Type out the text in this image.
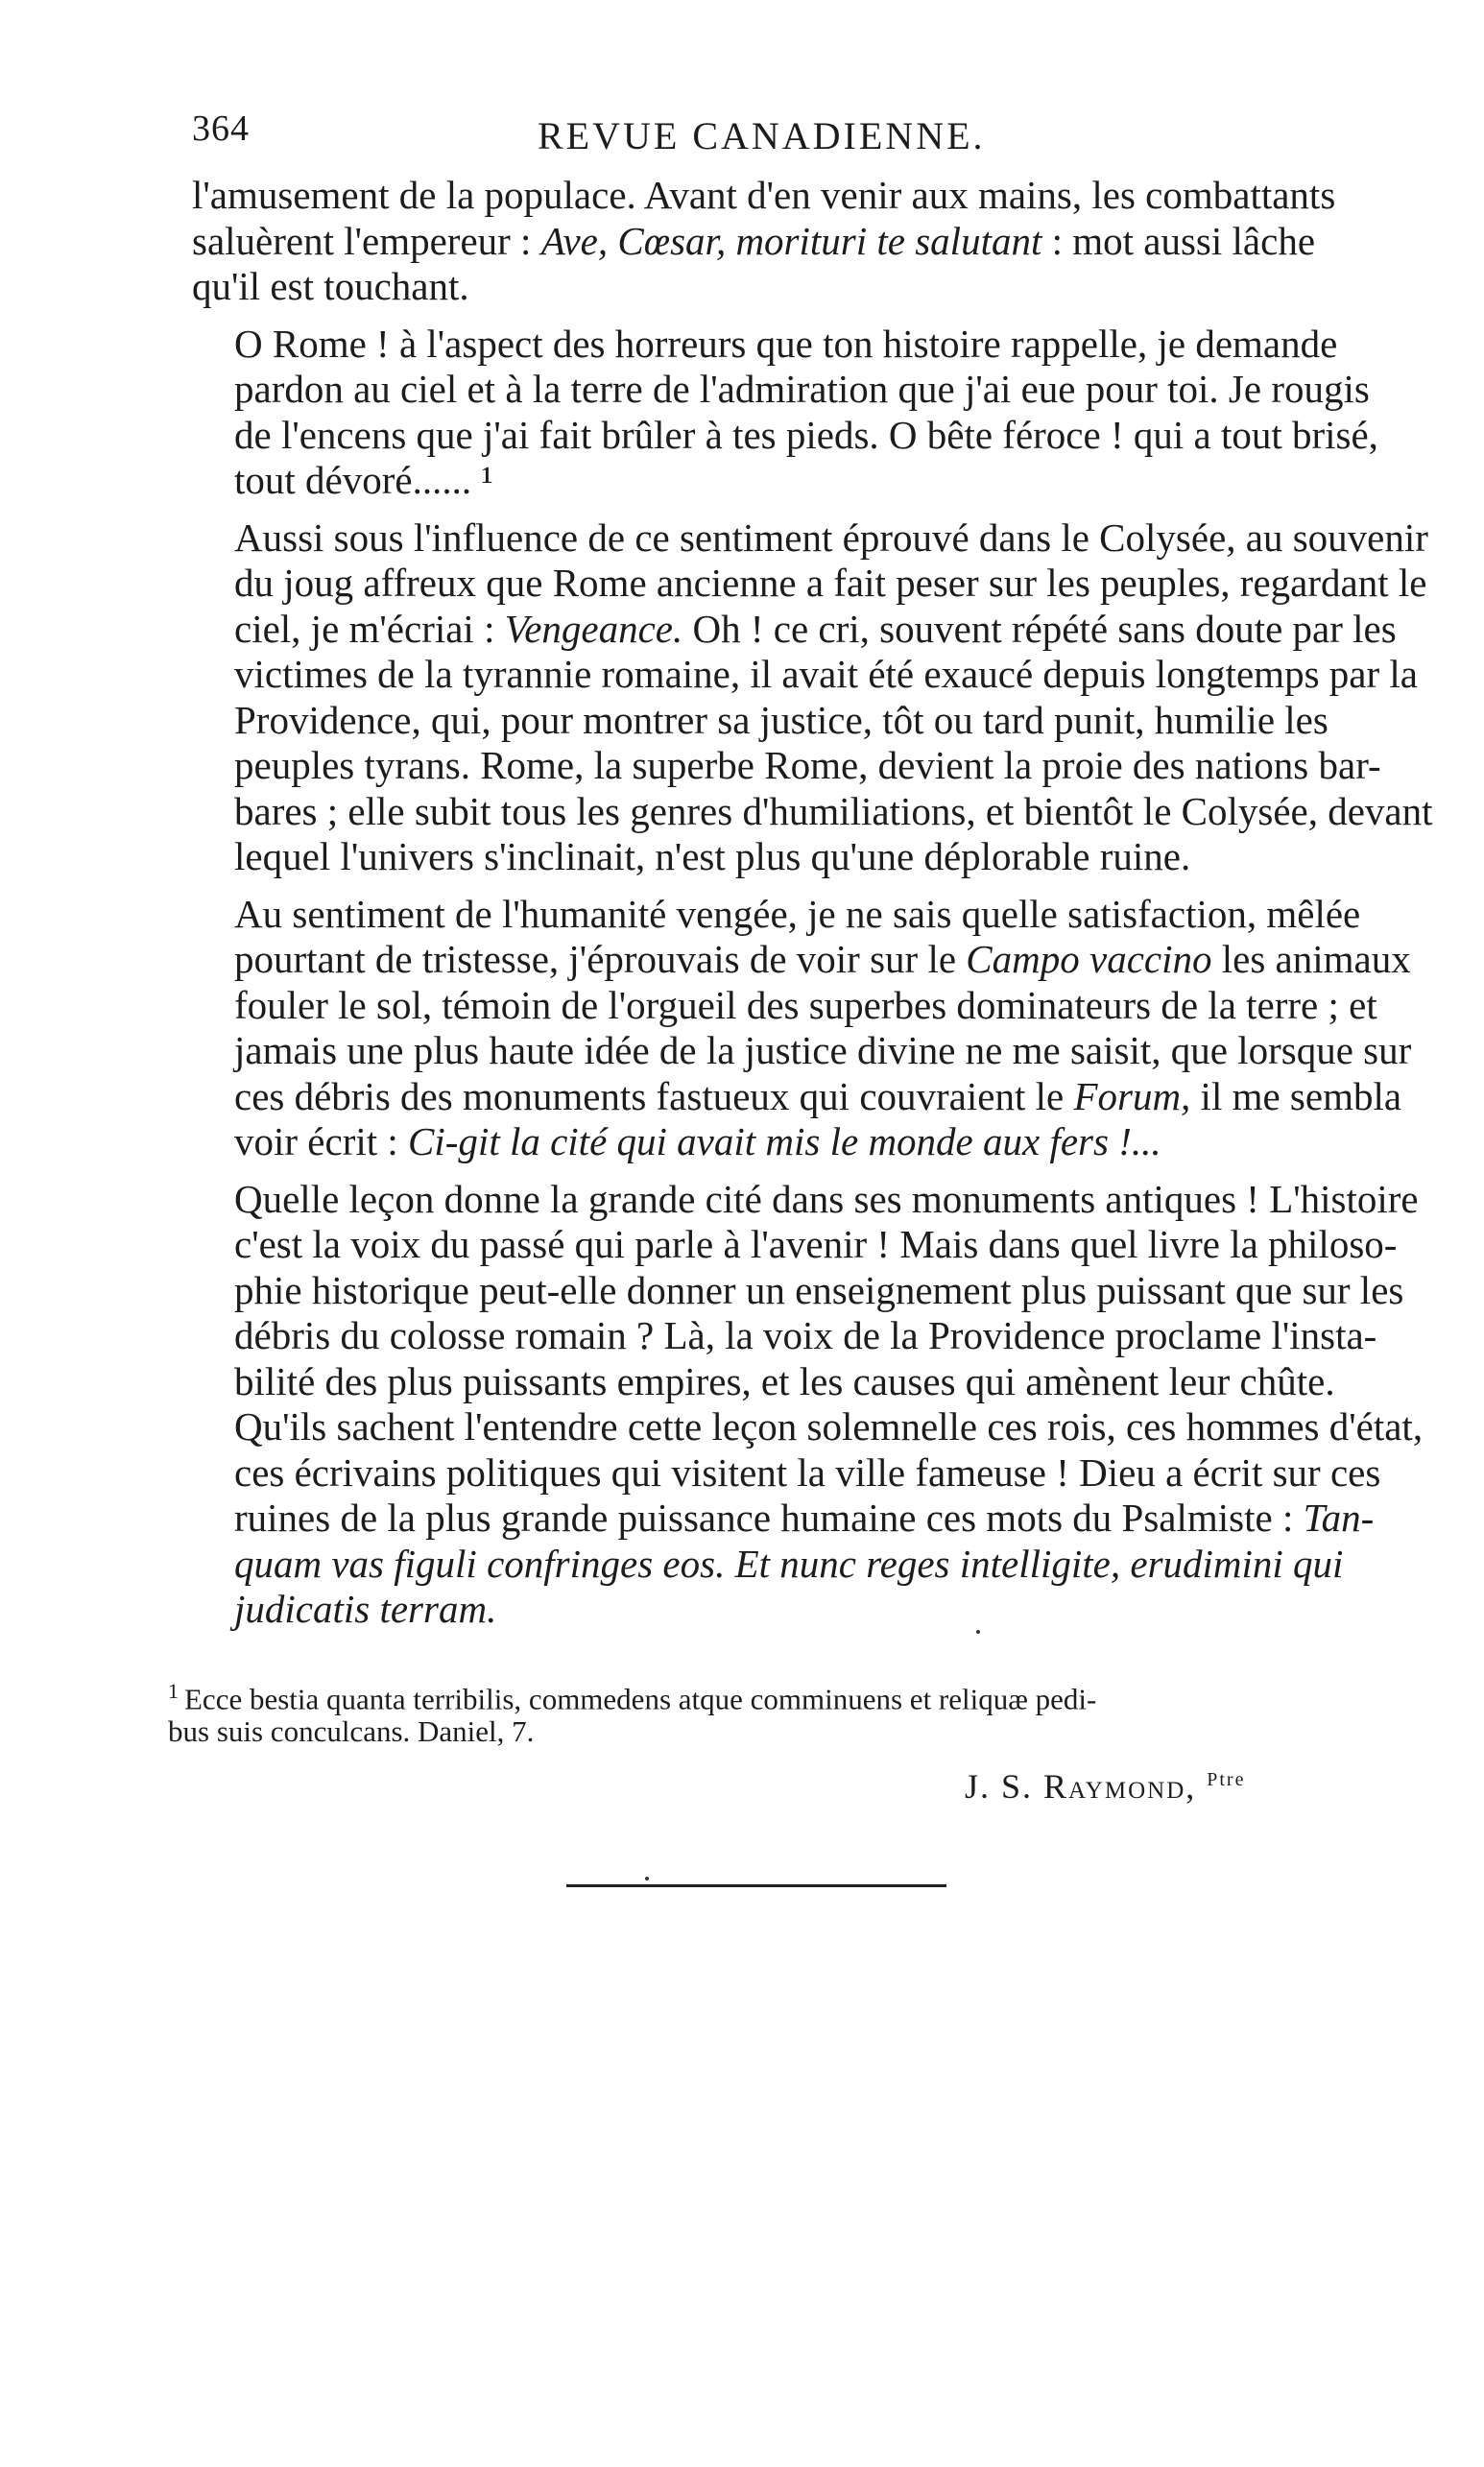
364	REVUE CANADIENNE.

l'amusement de la populace. Avant d'en venir aux mains, les combattants
saluèrent l'empereur : Ave, Cœsar, morituri te salutant : mot aussi lâche
qu'il est touchant.

O Rome ! à l'aspect des horreurs que ton histoire rappelle, je demande
pardon au ciel et à la terre de l'admiration que j'ai eue pour toi. Je rougis
de l'encens que j'ai fait brûler à tes pieds. O bête féroce ! qui a tout brisé,
tout dévoré...... ¹

Aussi sous l'influence de ce sentiment éprouvé dans le Colysée, au souvenir
du joug affreux que Rome ancienne a fait peser sur les peuples, regardant le
ciel, je m'écriai : Vengeance. Oh ! ce cri, souvent répété sans doute par les
victimes de la tyrannie romaine, il avait été exaucé depuis longtemps par la
Providence, qui, pour montrer sa justice, tôt ou tard punit, humilie les
peuples tyrans. Rome, la superbe Rome, devient la proie des nations bar-
bares ; elle subit tous les genres d'humiliations, et bientôt le Colysée, devant
lequel l'univers s'inclinait, n'est plus qu'une déplorable ruine.

Au sentiment de l'humanité vengée, je ne sais quelle satisfaction, mêlée
pourtant de tristesse, j'éprouvais de voir sur le Campo vaccino les animaux
fouler le sol, témoin de l'orgueil des superbes dominateurs de la terre ; et
jamais une plus haute idée de la justice divine ne me saisit, que lorsque sur
ces débris des monuments fastueux qui couvraient le Forum, il me sembla
voir écrit : Ci-git la cité qui avait mis le monde aux fers !...

Quelle leçon donne la grande cité dans ses monuments antiques ! L'histoire
c'est la voix du passé qui parle à l'avenir ! Mais dans quel livre la philoso-
phie historique peut-elle donner un enseignement plus puissant que sur les
débris du colosse romain ? Là, la voix de la Providence proclame l'insta-
bilité des plus puissants empires, et les causes qui amènent leur chûte.
Qu'ils sachent l'entendre cette leçon solemnelle ces rois, ces hommes d'état,
ces écrivains politiques qui visitent la ville fameuse ! Dieu a écrit sur ces
ruines de la plus grande puissance humaine ces mots du Psalmiste : Tan-
quam vas figuli confringes eos. Et nunc reges intelligite, erudimini qui
judicatis terram.

$^1$ Ecce bestia quanta terribilis, commedens atque comminuens et reliquæ pedi-
bus suis conculcans. Daniel, 7.
J. S. Raymond, $^{Ptre}$
